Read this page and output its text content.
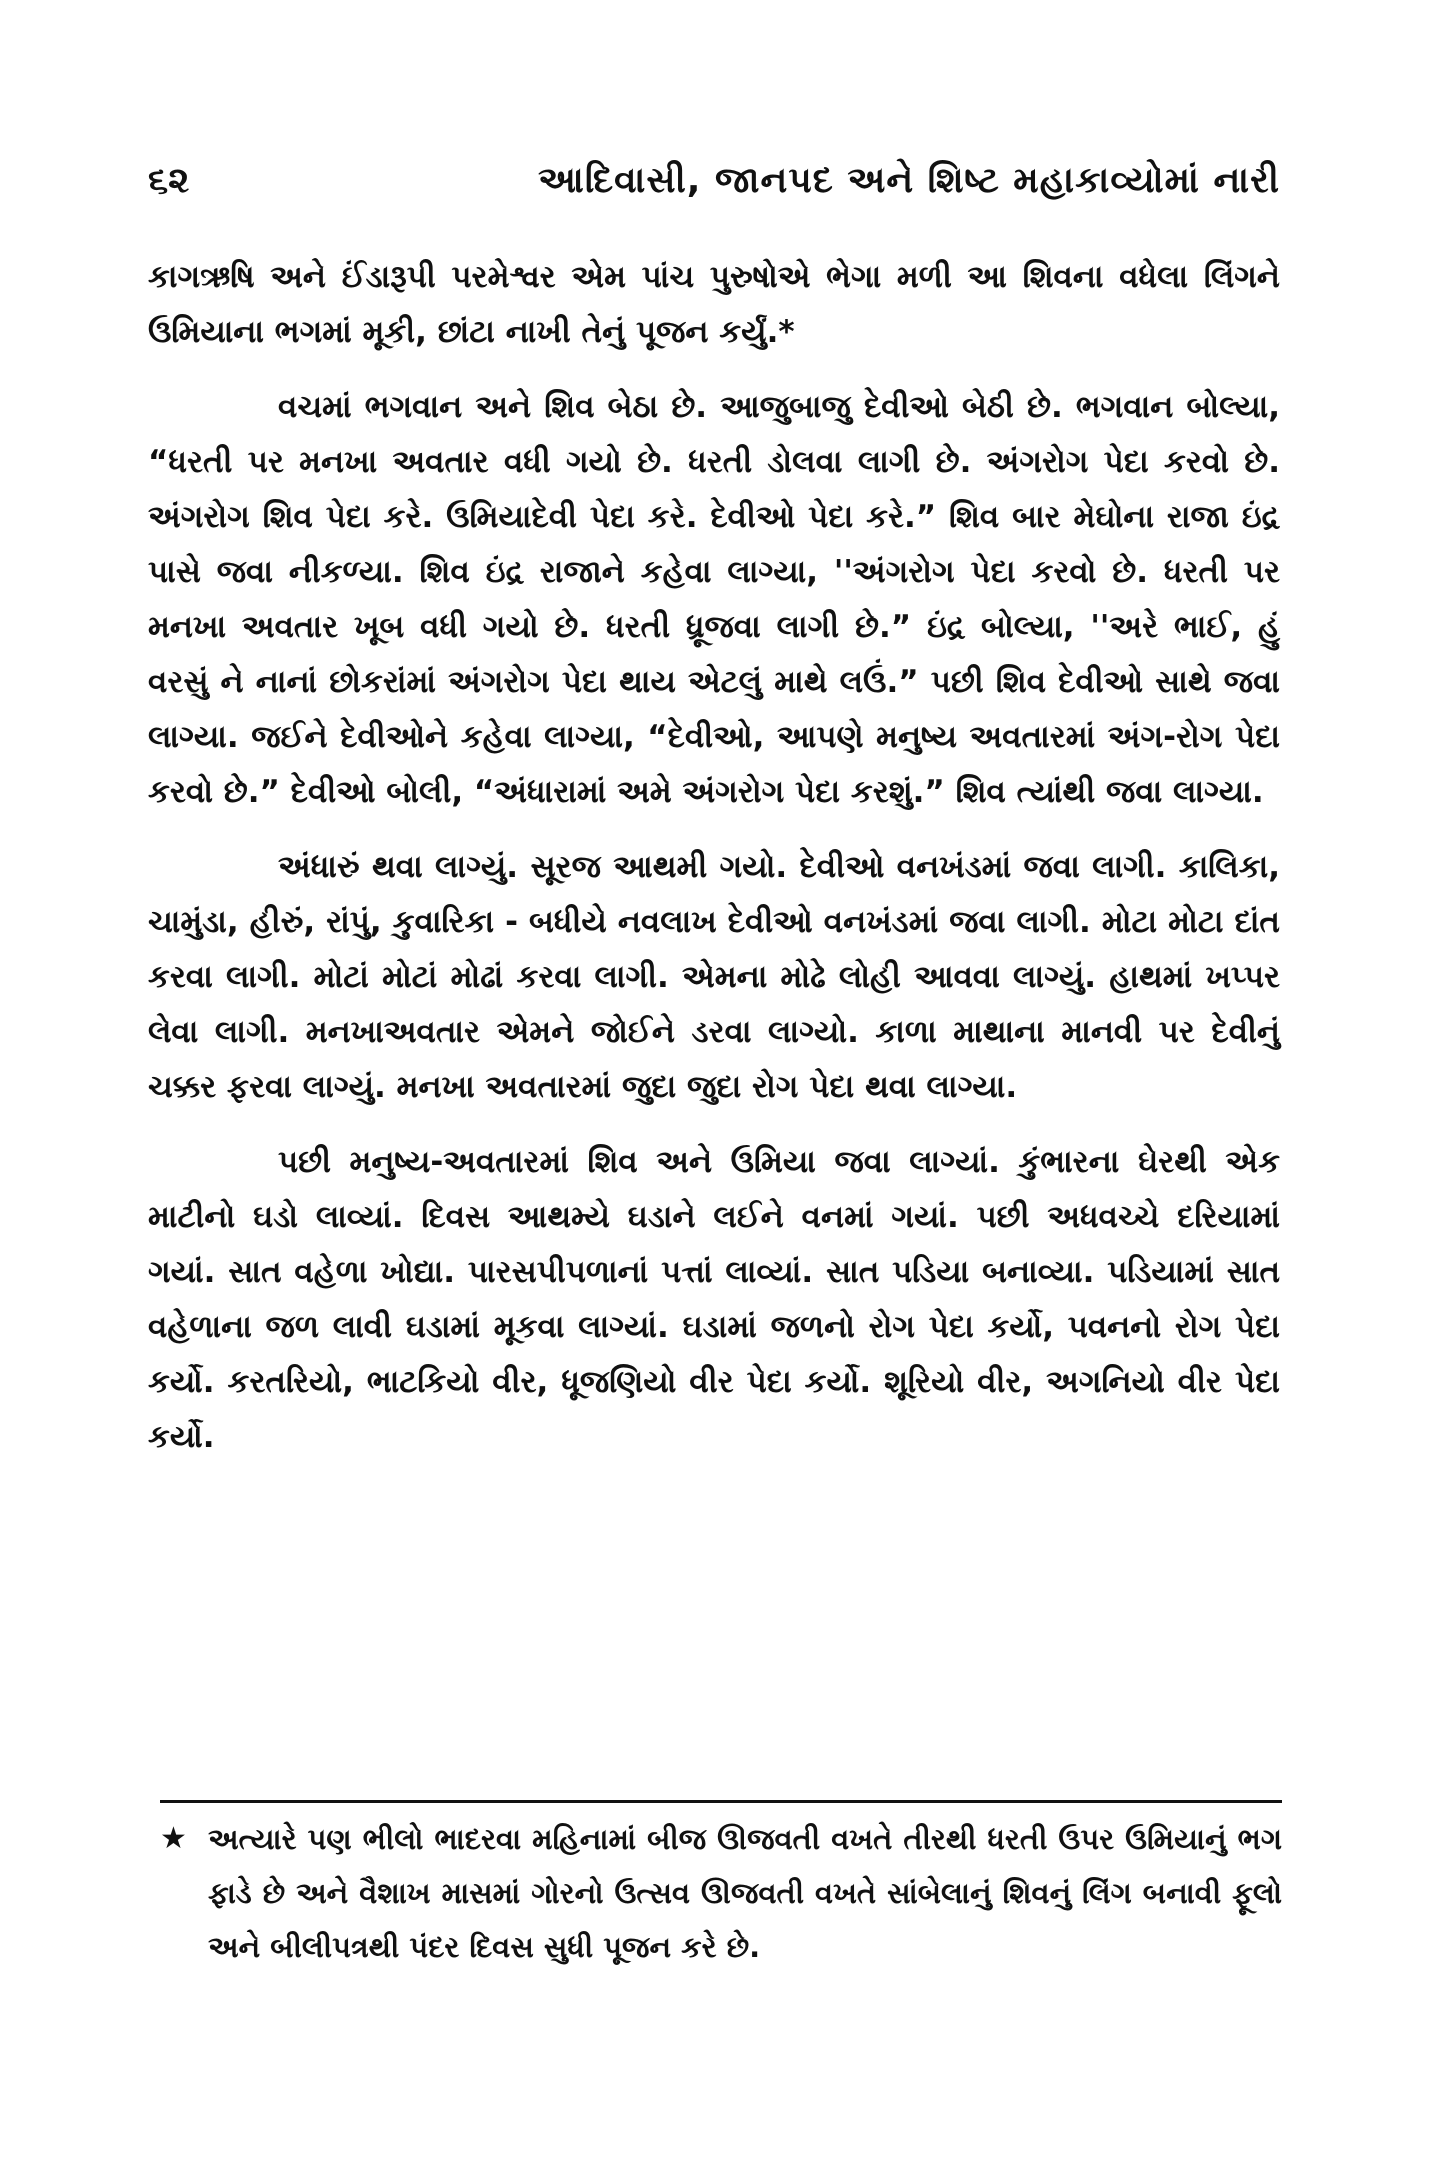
૬૨	આદિવાસી, જાનપદ અને શિષ્ટ મહાકાવ્યોમાં નારી

કાગઋષિ અને ઈંડારૂપી પરમેશ્વર એમ પાંચ પુરુષોએ ભેગા મળી આ શિવના વધેલા લિંગને ઉમિયાના ભગમાં મૂકી, છાંટા નાખી તેનું પૂજન કર્યું.*

વચમાં ભગવાન અને શિવ બેઠા છે. આજુબાજુ દેવીઓ બેઠી છે. ભગવાન બોલ્યા, “ધરતી પર મનખા અવતાર વધી ગયો છે. ધરતી ડોલવા લાગી છે. અંગરોગ પેદા કરવો છે. અંગરોગ શિવ પેદા કરે. ઉમિયાદેવી પેદા કરે. દેવીઓ પેદા કરે.” શિવ બાર મેઘોના રાજા ઇંદ્ર પાસે જવા નીકળ્યા. શિવ ઇંદ્ર રાજાને કહેવા લાગ્યા, ''અંગરોગ પેદા કરવો છે. ધરતી પર મનખા અવતાર ખૂબ વધી ગયો છે. ધરતી ધ્રૂજવા લાગી છે.” ઇંદ્ર બોલ્યા, ''અરે ભાઈ, હું વરસું ને નાનાં છોકરાંમાં અંગરોગ પેદા થાય એટલું માથે લઉં.” પછી શિવ દેવીઓ સાથે જવા લાગ્યા. જઈને દેવીઓને કહેવા લાગ્યા, “દેવીઓ, આપણે મનુષ્ય અવતારમાં અંગ-રોગ પેદા કરવો છે.” દેવીઓ બોલી, “અંધારામાં અમે અંગરોગ પેદા કરશું.” શિવ ત્યાંથી જવા લાગ્યા.

અંધારું થવા લાગ્યું. સૂરજ આથમી ગયો. દેવીઓ વનખંડમાં જવા લાગી. કાલિકા, ચામુંડા, હીરું, રાંપું, કુવારિકા - બધીયે નવલાખ દેવીઓ વનખંડમાં જવા લાગી. મોટા મોટા દાંત કરવા લાગી. મોટાં મોટાં મોઢાં કરવા લાગી. એમના મોઢે લોહી આવવા લાગ્યું. હાથમાં ખપ્પર લેવા લાગી. મનખાઅવતાર એમને જોઈને ડરવા લાગ્યો. કાળા માથાના માનવી પર દેવીનું ચક્કર ફરવા લાગ્યું. મનખા અવતારમાં જુદા જુદા રોગ પેદા થવા લાગ્યા.

પછી મનુષ્ય-અવતારમાં શિવ અને ઉમિયા જવા લાગ્યાં. કુંભારના ઘેરથી એક માટીનો ઘડો લાવ્યાં. દિવસ આથમ્યે ઘડાને લઈને વનમાં ગયાં. પછી અધવચ્ચે દરિયામાં ગયાં. સાત વહેળા ખોદ્યા. પારસપીપળાનાં પત્તાં લાવ્યાં. સાત પડિયા બનાવ્યા. પડિયામાં સાત વહેળાના જળ લાવી ઘડામાં મૂકવા લાગ્યાં. ઘડામાં જળનો રોગ પેદા કર્યો, પવનનો રોગ પેદા કર્યો. કરતરિયો, ભાટકિયો વીર, ધૂજણિયો વીર પેદા કર્યો. શૂરિયો વીર, અગનિયો વીર પેદા કર્યો.

★ અત્યારે પણ ભીલો ભાદરવા મહિનામાં બીજ ઊજવતી વખતે તીરથી ધરતી ઉપર ઉમિયાનું ભગ ફાડે છે અને વૈશાખ માસમાં ગોરનો ઉત્સવ ઊજવતી વખતે સાંબેલાનું શિવનું લિંગ બનાવી ફૂલો અને બીલીપત્રથી પંદર દિવસ સુધી પૂજન કરે છે.
